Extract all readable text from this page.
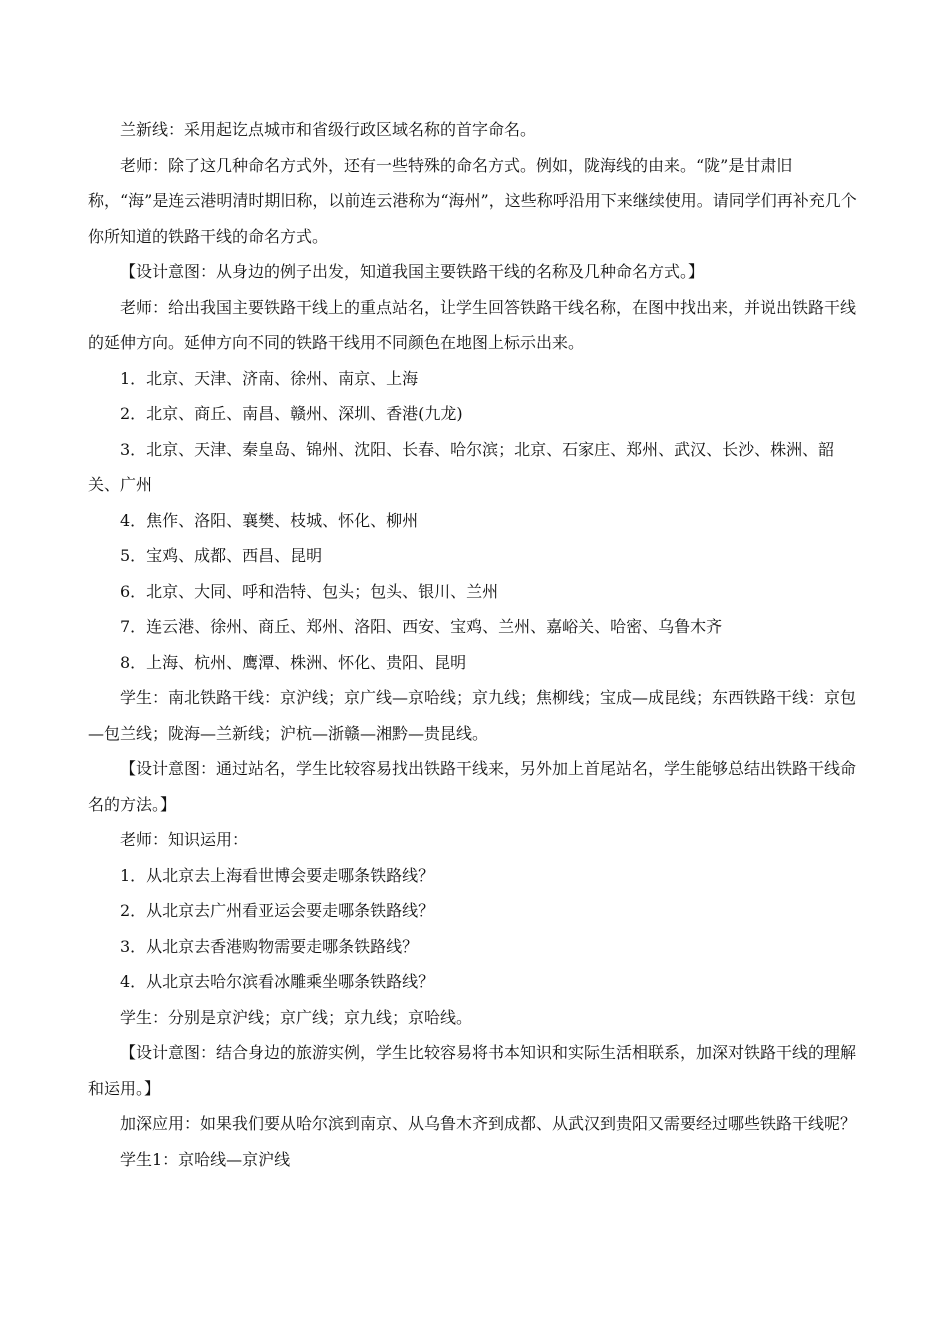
兰新线：采用起讫点城市和省级行政区域名称的首字命名。

老师：除了这几种命名方式外，还有一些特殊的命名方式。例如，陇海线的由来。“陇”是甘肃旧称，“海”是连云港明清时期旧称，以前连云港称为“海州”，这些称呼沿用下来继续使用。请同学们再补充几个你所知道的铁路干线的命名方式。

【设计意图：从身边的例子出发，知道我国主要铁路干线的名称及几种命名方式。】

老师：给出我国主要铁路干线上的重点站名，让学生回答铁路干线名称，在图中找出来，并说出铁路干线的延伸方向。延伸方向不同的铁路干线用不同颜色在地图上标示出来。

1．北京、天津、济南、徐州、南京、上海

2．北京、商丘、南昌、赣州、深圳、香港(九龙)

3．北京、天津、秦皇岛、锦州、沈阳、长春、哈尔滨；北京、石家庄、郑州、武汉、长沙、株洲、韶关、广州

4．焦作、洛阳、襄樊、枝城、怀化、柳州

5．宝鸡、成都、西昌、昆明

6．北京、大同、呼和浩特、包头；包头、银川、兰州

7．连云港、徐州、商丘、郑州、洛阳、西安、宝鸡、兰州、嘉峪关、哈密、乌鲁木齐

8．上海、杭州、鹰潭、株洲、怀化、贵阳、昆明

学生：南北铁路干线：京沪线；京广线—京哈线；京九线；焦柳线；宝成—成昆线；东西铁路干线：京包—包兰线；陇海—兰新线；沪杭—浙赣—湘黔—贵昆线。

【设计意图：通过站名，学生比较容易找出铁路干线来，另外加上首尾站名，学生能够总结出铁路干线命名的方法。】

老师：知识运用：

1．从北京去上海看世博会要走哪条铁路线？

2．从北京去广州看亚运会要走哪条铁路线？

3．从北京去香港购物需要走哪条铁路线？

4．从北京去哈尔滨看冰雕乘坐哪条铁路线？

学生：分别是京沪线；京广线；京九线；京哈线。

【设计意图：结合身边的旅游实例，学生比较容易将书本知识和实际生活相联系，加深对铁路干线的理解和运用。】

加深应用：如果我们要从哈尔滨到南京、从乌鲁木齐到成都、从武汉到贵阳又需要经过哪些铁路干线呢？

学生1：京哈线—京沪线
